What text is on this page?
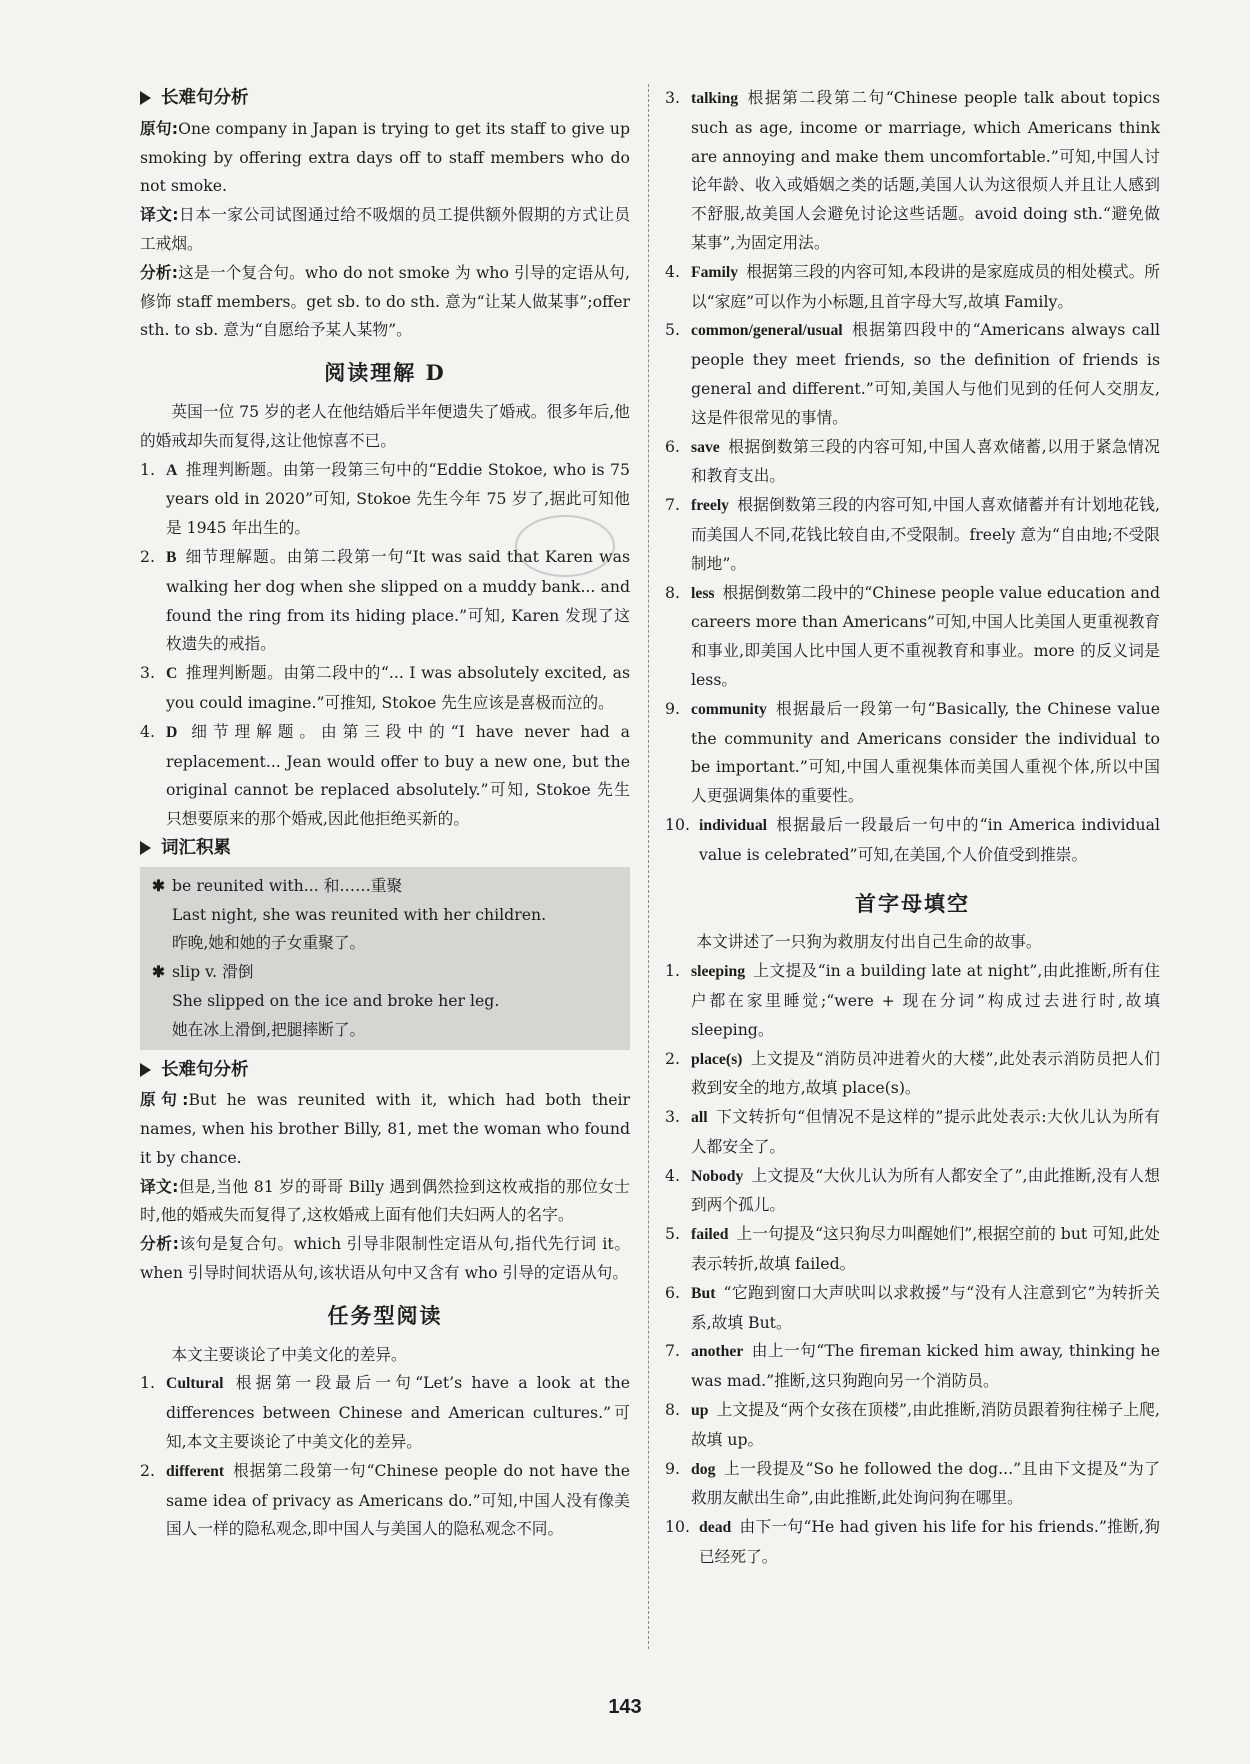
长难句分析

原句:One company in Japan is trying to get its staff to give up smoking by offering extra days off to staff members who do not smoke.

译文:日本一家公司试图通过给不吸烟的员工提供额外假期的方式让员工戒烟。

分析:这是一个复合句。who do not smoke 为 who 引导的定语从句,修饰 staff members。get sb. to do sth. 意为“让某人做某事”;offer sth. to sb. 意为“自愿给予某人某物”。

阅读理解 D

英国一位 75 岁的老人在他结婚后半年便遗失了婚戒。很多年后,他的婚戒却失而复得,这让他惊喜不已。

1. A 推理判断题。由第一段第三句中的“Eddie Stokoe, who is 75 years old in 2020”可知, Stokoe 先生今年 75 岁了,据此可知他是 1945 年出生的。
2. B 细节理解题。由第二段第一句“It was said that Karen was walking her dog when she slipped on a muddy bank... and found the ring from its hiding place.”可知, Karen 发现了这枚遗失的戒指。
3. C 推理判断题。由第二段中的“... I was absolutely excited, as you could imagine.”可推知, Stokoe 先生应该是喜极而泣的。
4. D 细节理解题。由第三段中的“I have never had a replacement... Jean would offer to buy a new one, but the original cannot be replaced absolutely.”可知, Stokoe 先生只想要原来的那个婚戒,因此他拒绝买新的。
词汇积累
✱ be reunited with... 和……重聚
Last night, she was reunited with her children.
昨晚,她和她的子女重聚了。
✱ slip v. 滑倒
She slipped on the ice and broke her leg.
她在冰上滑倒,把腿摔断了。
长难句分析

原句:But he was reunited with it, which had both their names, when his brother Billy, 81, met the woman who found it by chance.

译文:但是,当他 81 岁的哥哥 Billy 遇到偶然捡到这枚戒指的那位女士时,他的婚戒失而复得了,这枚婚戒上面有他们夫妇两人的名字。

分析:该句是复合句。which 引导非限制性定语从句,指代先行词 it。when 引导时间状语从句,该状语从句中又含有 who 引导的定语从句。

任务型阅读

本文主要谈论了中美文化的差异。

1. Cultural 根据第一段最后一句“Let’s have a look at the differences between Chinese and American cultures.”可知,本文主要谈论了中美文化的差异。
2. different 根据第二段第一句“Chinese people do not have the same idea of privacy as Americans do.”可知,中国人没有像美国人一样的隐私观念,即中国人与美国人的隐私观念不同。
3. talking 根据第二段第二句“Chinese people talk about topics such as age, income or marriage, which Americans think are annoying and make them uncomfortable.”可知,中国人讨论年龄、收入或婚姻之类的话题,美国人认为这很烦人并且让人感到不舒服,故美国人会避免讨论这些话题。avoid doing sth.“避免做某事”,为固定用法。
4. Family 根据第三段的内容可知,本段讲的是家庭成员的相处模式。所以“家庭”可以作为小标题,且首字母大写,故填 Family。
5. common/general/usual 根据第四段中的“Americans always call people they meet friends, so the definition of friends is general and different.”可知,美国人与他们见到的任何人交朋友,这是件很常见的事情。
6. save 根据倒数第三段的内容可知,中国人喜欢储蓄,以用于紧急情况和教育支出。
7. freely 根据倒数第三段的内容可知,中国人喜欢储蓄并有计划地花钱,而美国人不同,花钱比较自由,不受限制。freely 意为“自由地;不受限制地”。
8. less 根据倒数第二段中的“Chinese people value education and careers more than Americans”可知,中国人比美国人更重视教育和事业,即美国人比中国人更不重视教育和事业。more 的反义词是 less。
9. community 根据最后一段第一句“Basically, the Chinese value the community and Americans consider the individual to be important.”可知,中国人重视集体而美国人重视个体,所以中国人更强调集体的重要性。
10. individual 根据最后一段最后一句中的“in America individual value is celebrated”可知,在美国,个人价值受到推崇。
首字母填空

本文讲述了一只狗为救朋友付出自己生命的故事。

1. sleeping 上文提及“in a building late at night”,由此推断,所有住户都在家里睡觉;“were + 现在分词”构成过去进行时,故填 sleeping。
2. place(s) 上文提及“消防员冲进着火的大楼”,此处表示消防员把人们救到安全的地方,故填 place(s)。
3. all 下文转折句“但情况不是这样的”提示此处表示:大伙儿认为所有人都安全了。
4. Nobody 上文提及“大伙儿认为所有人都安全了”,由此推断,没有人想到两个孤儿。
5. failed 上一句提及“这只狗尽力叫醒她们”,根据空前的 but 可知,此处表示转折,故填 failed。
6. But “它跑到窗口大声吠叫以求救援”与“没有人注意到它”为转折关系,故填 But。
7. another 由上一句“The fireman kicked him away, thinking he was mad.”推断,这只狗跑向另一个消防员。
8. up 上文提及“两个女孩在顶楼”,由此推断,消防员跟着狗往梯子上爬,故填 up。
9. dog 上一段提及“So he followed the dog...”且由下文提及“为了救朋友献出生命”,由此推断,此处询问狗在哪里。
10. dead 由下一句“He had given his life for his friends.”推断,狗已经死了。
143
